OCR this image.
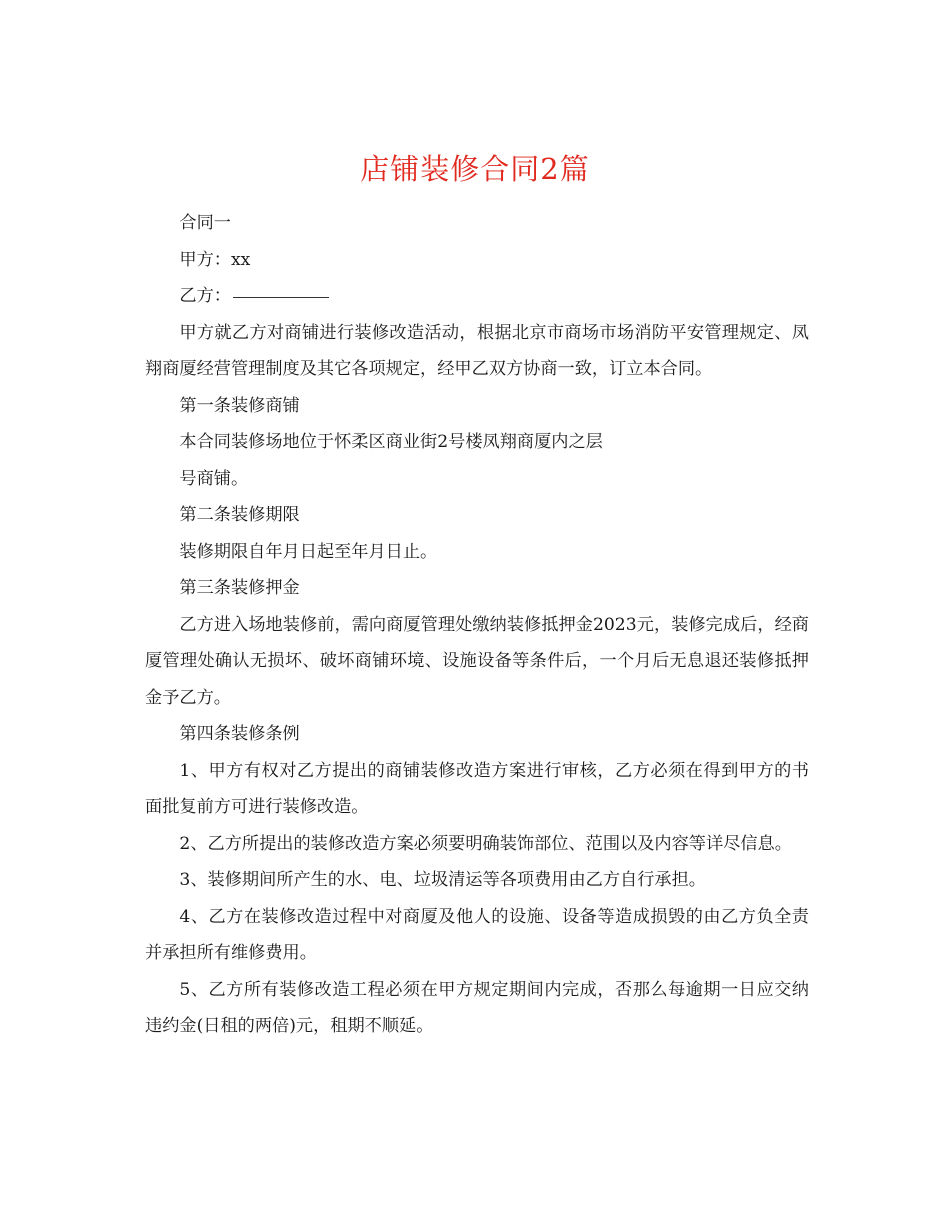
店铺装修合同2篇

合同一

甲方：xx

乙方：

甲方就乙方对商铺进行装修改造活动，根据北京市商场市场消防平安管理规定、凤翔商厦经营管理制度及其它各项规定，经甲乙双方协商一致，订立本合同。

第一条装修商铺

本合同装修场地位于怀柔区商业街2号楼凤翔商厦内之层

号商铺。

第二条装修期限

装修期限自年月日起至年月日止。

第三条装修押金

乙方进入场地装修前，需向商厦管理处缴纳装修抵押金2023元，装修完成后，经商厦管理处确认无损坏、破坏商铺环境、设施设备等条件后，一个月后无息退还装修抵押金予乙方。

第四条装修条例

1、甲方有权对乙方提出的商铺装修改造方案进行审核，乙方必须在得到甲方的书面批复前方可进行装修改造。

2、乙方所提出的装修改造方案必须要明确装饰部位、范围以及内容等详尽信息。

3、装修期间所产生的水、电、垃圾清运等各项费用由乙方自行承担。

4、乙方在装修改造过程中对商厦及他人的设施、设备等造成损毁的由乙方负全责并承担所有维修费用。

5、乙方所有装修改造工程必须在甲方规定期间内完成，否那么每逾期一日应交纳违约金(日租的两倍)元，租期不顺延。
